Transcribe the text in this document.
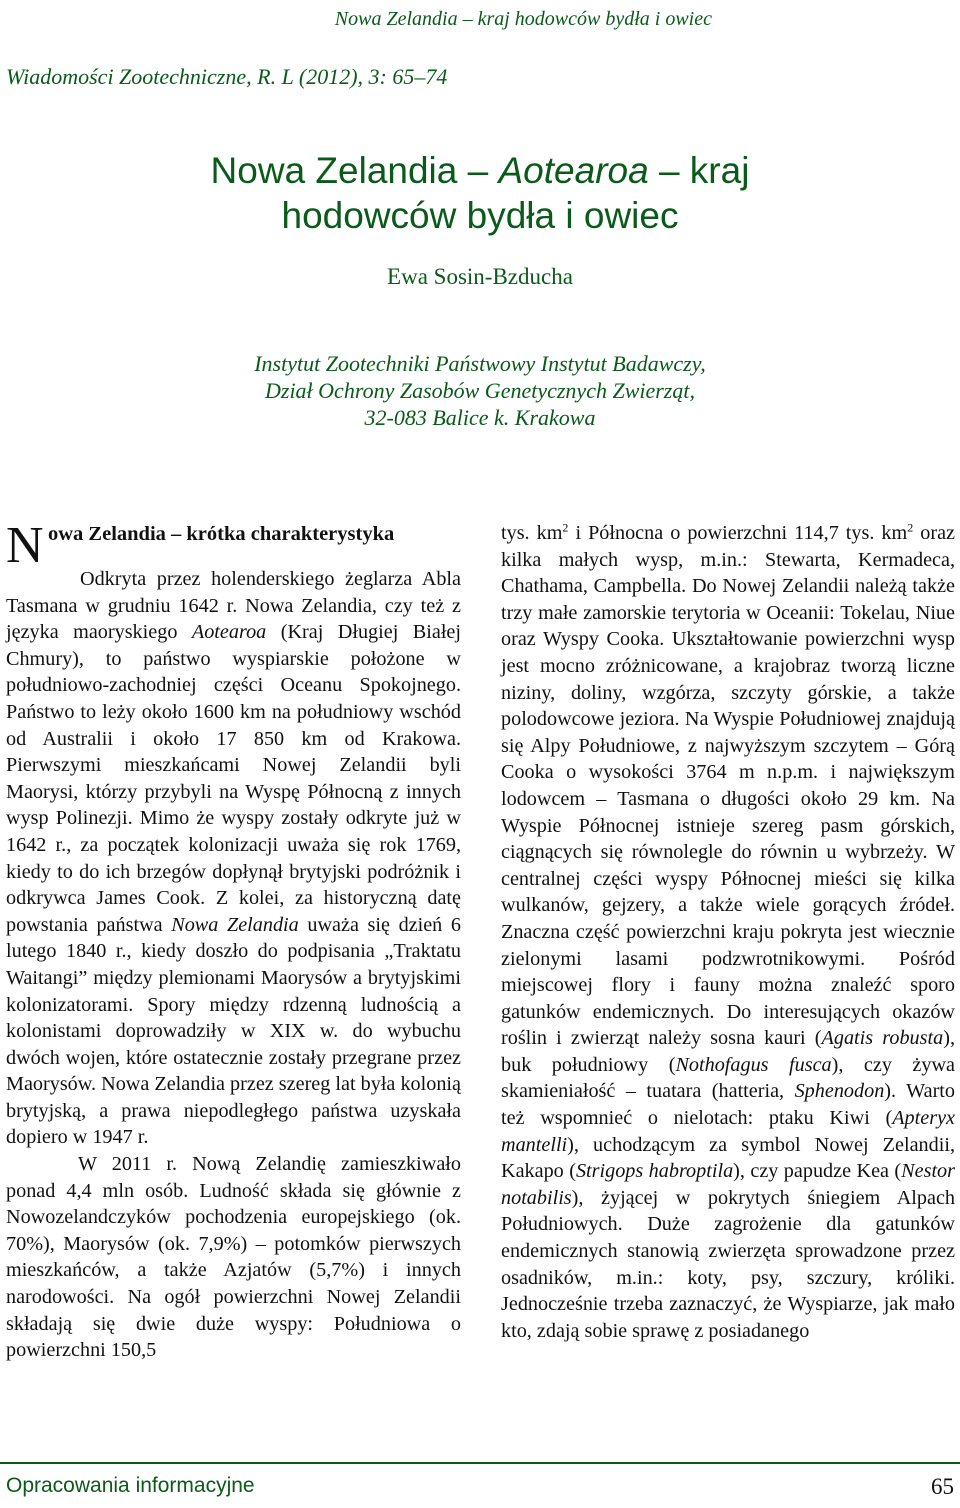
Nowa Zelandia – kraj hodowców bydła i owiec
Wiadomości Zootechniczne, R. L (2012), 3: 65–74
Nowa Zelandia – Aotearoa – kraj
hodowców bydła i owiec
Ewa Sosin-Bzducha
Instytut Zootechniki Państwowy Instytut Badawczy,
Dział Ochrony Zasobów Genetycznych Zwierząt,
32-083 Balice k. Krakowa
N owa Zelandia – krótka charakterystyka

Odkryta przez holenderskiego żeglarza Abla Tasmana w grudniu 1642 r. Nowa Zelandia, czy też z języka maoryskiego Aotearoa (Kraj Długiej Białej Chmury), to państwo wyspiarskie położone w południowo-zachodniej części Oceanu Spokojnego. Państwo to leży około 1600 km na południowy wschód od Australii i około 17 850 km od Krakowa. Pierwszymi mieszkańcami Nowej Zelandii byli Maorysi, którzy przybyli na Wyspę Północną z innych wysp Polinezji. Mimo że wyspy zostały odkryte już w 1642 r., za początek kolonizacji uważa się rok 1769, kiedy to do ich brzegów dopłynął brytyjski podróżnik i odkrywca James Cook. Z kolei, za historyczną datę powstania państwa Nowa Zelandia uważa się dzień 6 lutego 1840 r., kiedy doszło do podpisania „Traktatu Waitangi” między plemionami Maorysów a brytyjskimi kolonizatorami. Spory między rdzenną ludnością a kolonistami doprowadziły w XIX w. do wybuchu dwóch wojen, które ostatecznie zostały przegrane przez Maorysów. Nowa Zelandia przez szereg lat była kolonią brytyjską, a prawa niepodległego państwa uzyskała dopiero w 1947 r.

W 2011 r. Nową Zelandię zamieszkiwało ponad 4,4 mln osób. Ludność składa się głównie z Nowozelandczyków pochodzenia europejskiego (ok. 70%), Maorysów (ok. 7,9%) – potomków pierwszych mieszkańców, a także Azjatów (5,7%) i innych narodowości. Na ogół powierzchni Nowej Zelandii składają się dwie duże wyspy: Południowa o powierzchni 150,5

tys. $km^2$ i Północna o powierzchni 114,7 tys. $km^2$ oraz kilka małych wysp, m.in.: Stewarta, Kermadeca, Chathama, Campbella. Do Nowej Zelandii należą także trzy małe zamorskie terytoria w Oceanii: Tokelau, Niue oraz Wyspy Cooka. Ukształtowanie powierzchni wysp jest mocno zróżnicowane, a krajobraz tworzą liczne niziny, doliny, wzgórza, szczyty górskie, a także polodowcowe jeziora. Na Wyspie Południowej znajdują się Alpy Południowe, z najwyższym szczytem – Górą Cooka o wysokości 3764 m n.p.m. i największym lodowcem – Tasmana o długości około 29 km. Na Wyspie Północnej istnieje szereg pasm górskich, ciągnących się równolegle do równin u wybrzeży. W centralnej części wyspy Północnej mieści się kilka wulkanów, gejzery, a także wiele gorących źródeł. Znaczna część powierzchni kraju pokryta jest wiecznie zielonymi lasami podzwrotnikowymi. Pośród miejscowej flory i fauny można znaleźć sporo gatunków endemicznych. Do interesujących okazów roślin i zwierząt należy sosna kauri (Agatis robusta), buk południowy (Nothofagus fusca), czy żywa skamieniałość – tuatara (hatteria, Sphenodon). Warto też wspomnieć o nielotach: ptaku Kiwi (Apteryx mantelli), uchodzącym za symbol Nowej Zelandii, Kakapo (Strigops habroptila), czy papudze Kea (Nestor notabilis), żyjącej w pokrytych śniegiem Alpach Południowych. Duże zagrożenie dla gatunków endemicznych stanowią zwierzęta sprowadzone przez osadników, m.in.: koty, psy, szczury, króliki. Jednocześnie trzeba zaznaczyć, że Wyspiarze, jak mało kto, zdają sobie sprawę z posiadanego

Opracowania informacyjne	65
